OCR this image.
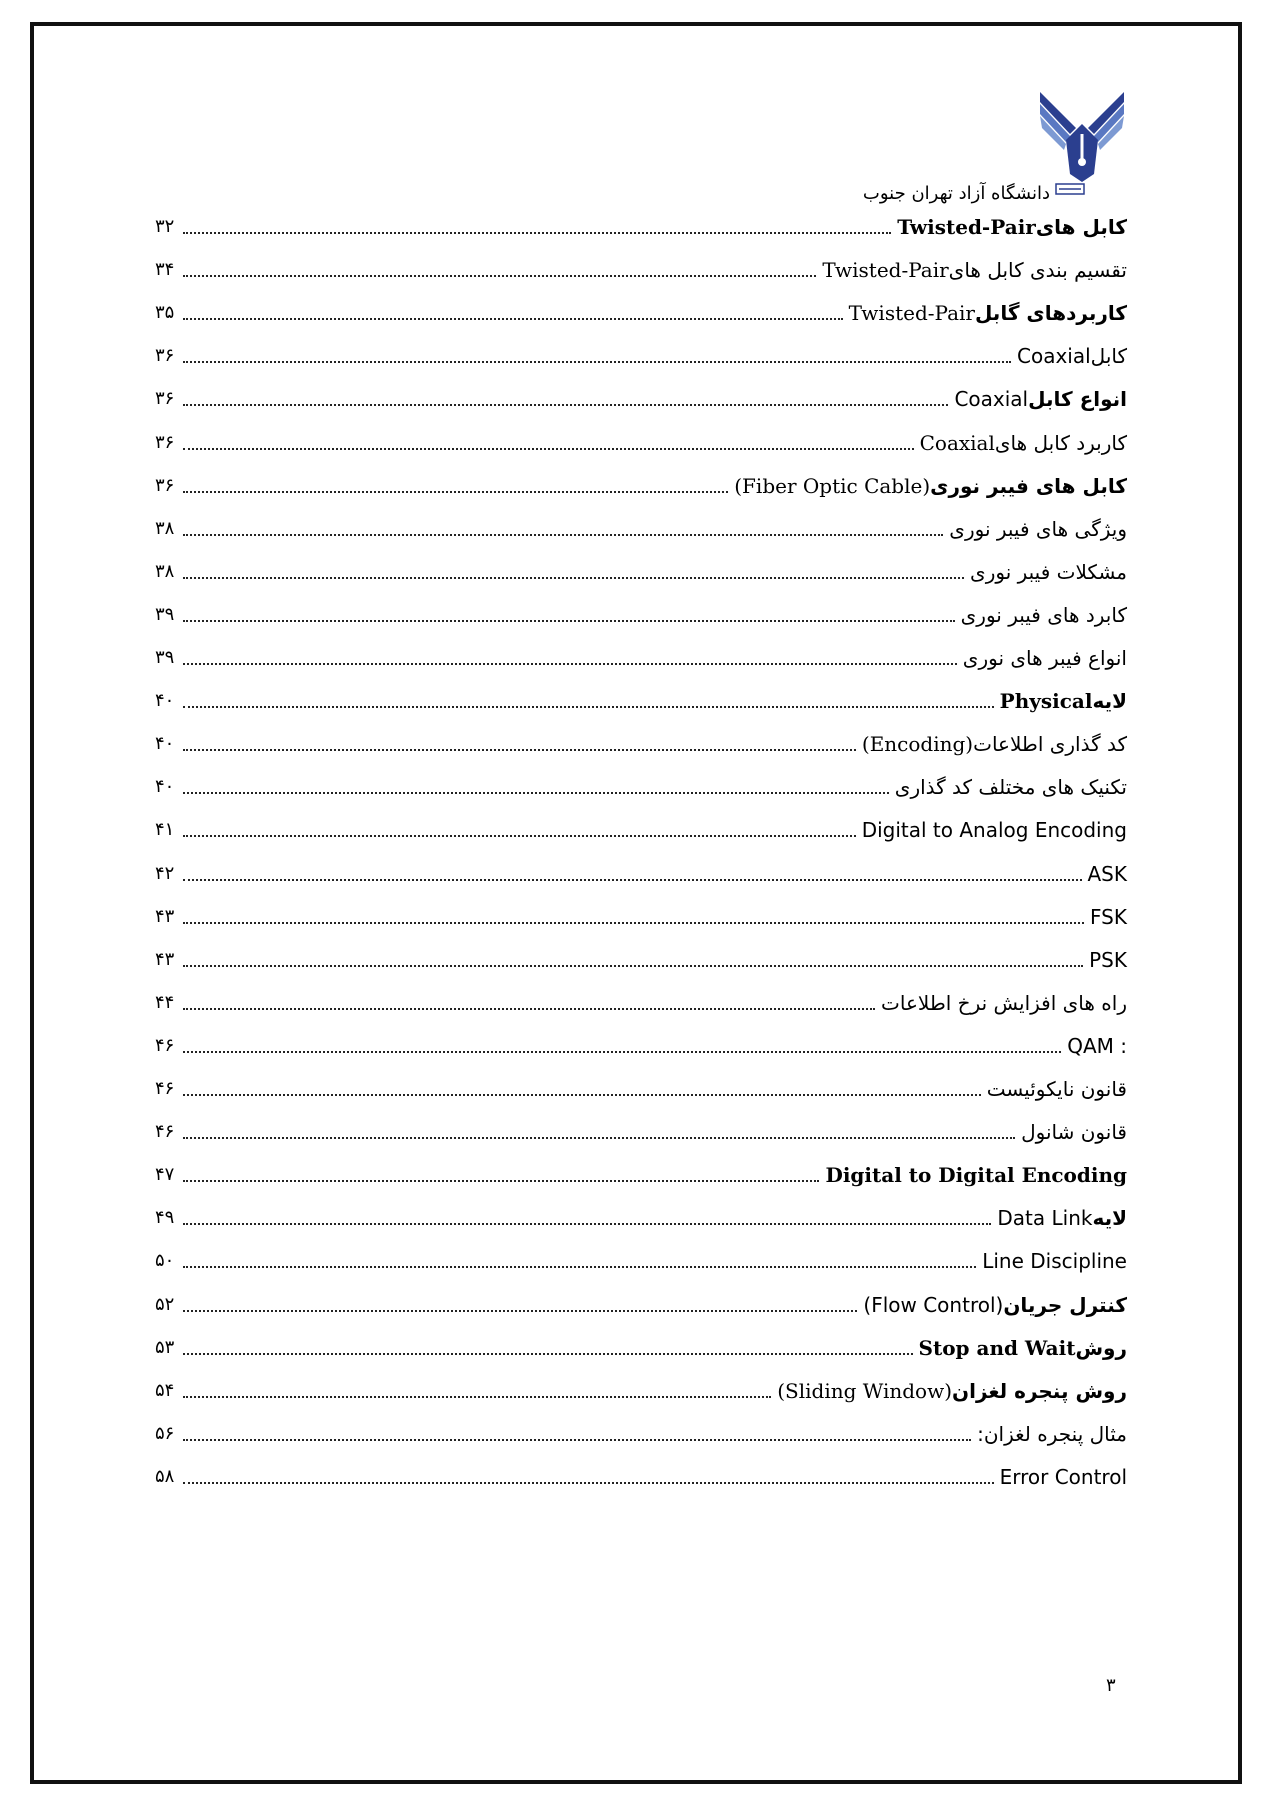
دانشگاه آزاد تهران جنوب
کابل هایTwisted-Pair
۳۲
تقسیم بندی کابل هایTwisted-Pair
۳۴
کاربردهای گابلTwisted-Pair
۳۵
کابلCoaxial
۳۶
انواع کابلCoaxial
۳۶
کاربرد کابل هایCoaxial
۳۶
کابل های فیبر نوری(Fiber Optic Cable)
۳۶
ویژگی های فیبر نوری
۳۸
مشکلات فیبر نوری
۳۸
کابرد های فیبر نوری
۳۹
انواع فیبر های نوری
۳۹
لایهPhysical
۴۰
کد گذاری اطلاعات(Encoding)
۴۰
تکنیک های مختلف کد گذاری
۴۰
Digital to Analog Encoding
۴۱
ASK
۴۲
FSK
۴۳
PSK
۴۳
راه های افزایش نرخ اطلاعات
۴۴
QAM :
۴۶
قانون نایکوئیست
۴۶
قانون شانول
۴۶
Digital to Digital Encoding
۴۷
لایهData Link
۴۹
Line Discipline
۵۰
کنترل جریان(Flow Control)
۵۲
روشStop and Wait
۵۳
روش پنجره لغزان(Sliding Window)
۵۴
مثال پنجره لغزان:
۵۶
Error Control
۵۸
۳
